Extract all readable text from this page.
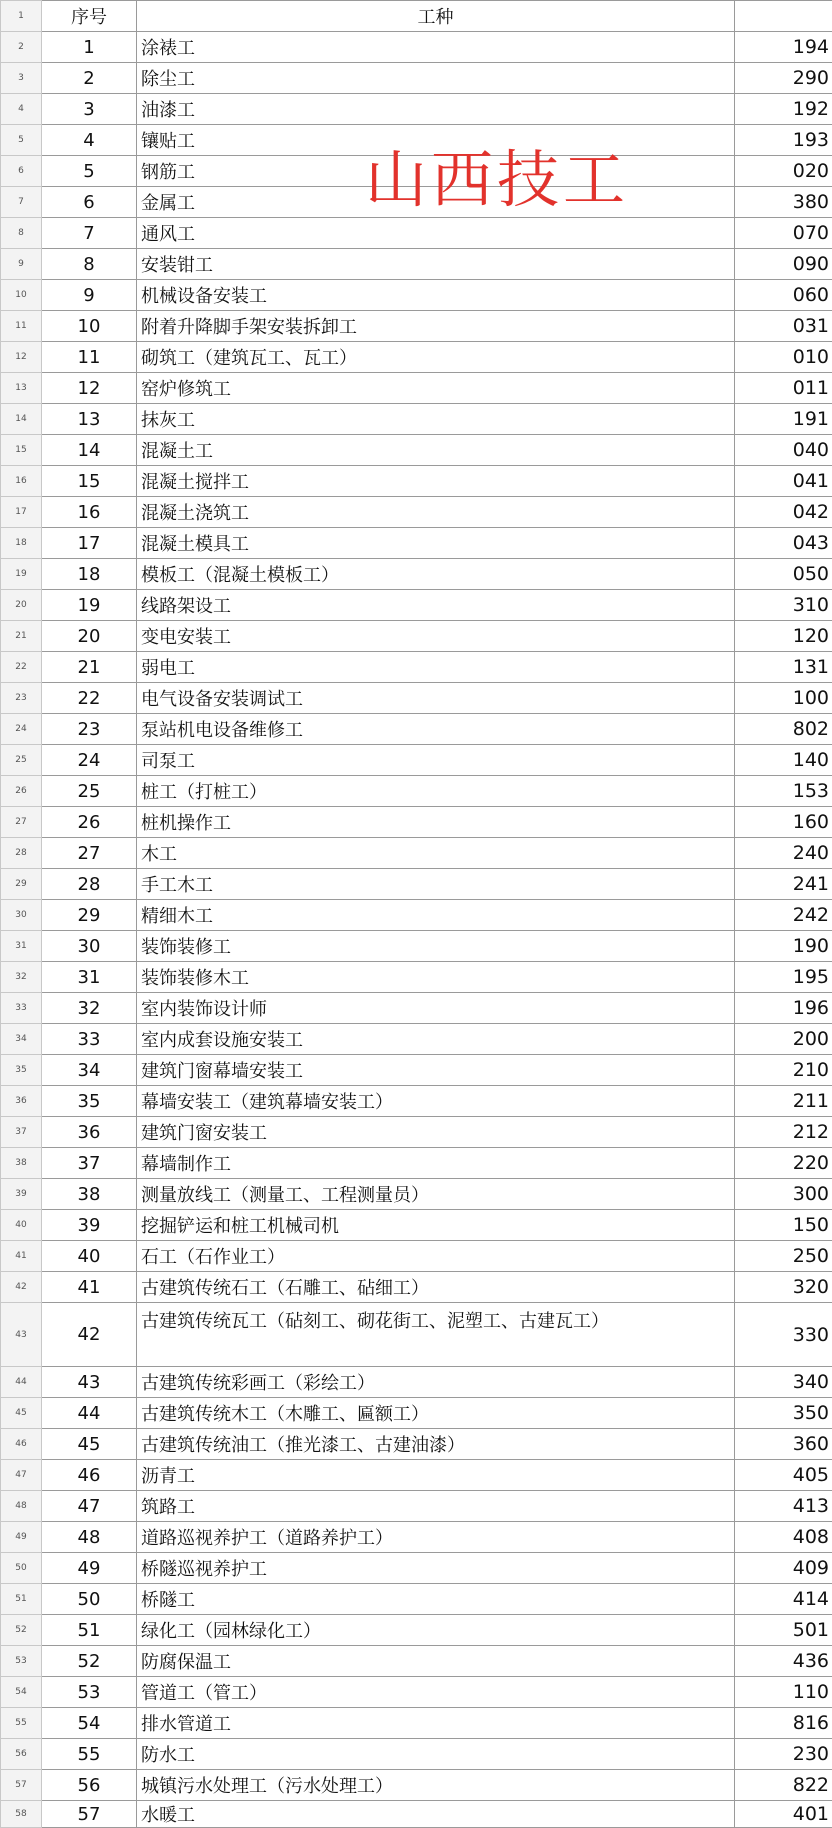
1	序号	工种	
2	1	涂裱工	194
3	2	除尘工	290
4	3	油漆工	192
5	4	镶贴工	193
6	5	钢筋工	020
7	6	金属工	380
8	7	通风工	070
9	8	安装钳工	090
10	9	机械设备安装工	060
11	10	附着升降脚手架安装拆卸工	031
12	11	砌筑工（建筑瓦工、瓦工）	010
13	12	窑炉修筑工	011
14	13	抹灰工	191
15	14	混凝土工	040
16	15	混凝土搅拌工	041
17	16	混凝土浇筑工	042
18	17	混凝土模具工	043
19	18	模板工（混凝土模板工）	050
20	19	线路架设工	310
21	20	变电安装工	120
22	21	弱电工	131
23	22	电气设备安装调试工	100
24	23	泵站机电设备维修工	802
25	24	司泵工	140
26	25	桩工（打桩工）	153
27	26	桩机操作工	160
28	27	木工	240
29	28	手工木工	241
30	29	精细木工	242
31	30	装饰装修工	190
32	31	装饰装修木工	195
33	32	室内装饰设计师	196
34	33	室内成套设施安装工	200
35	34	建筑门窗幕墙安装工	210
36	35	幕墙安装工（建筑幕墙安装工）	211
37	36	建筑门窗安装工	212
38	37	幕墙制作工	220
39	38	测量放线工（测量工、工程测量员）	300
40	39	挖掘铲运和桩工机械司机	150
41	40	石工（石作业工）	250
42	41	古建筑传统石工（石雕工、砧细工）	320
43	42	古建筑传统瓦工（砧刻工、砌花街工、泥塑工、古建瓦工）	330
44	43	古建筑传统彩画工（彩绘工）	340
45	44	古建筑传统木工（木雕工、匾额工）	350
46	45	古建筑传统油工（推光漆工、古建油漆）	360
47	46	沥青工	405
48	47	筑路工	413
49	48	道路巡视养护工（道路养护工）	408
50	49	桥隧巡视养护工	409
51	50	桥隧工	414
52	51	绿化工（园林绿化工）	501
53	52	防腐保温工	436
54	53	管道工（管工）	110
55	54	排水管道工	816
56	55	防水工	230
57	56	城镇污水处理工（污水处理工）	822
58	57	水暖工	401
山西技工
